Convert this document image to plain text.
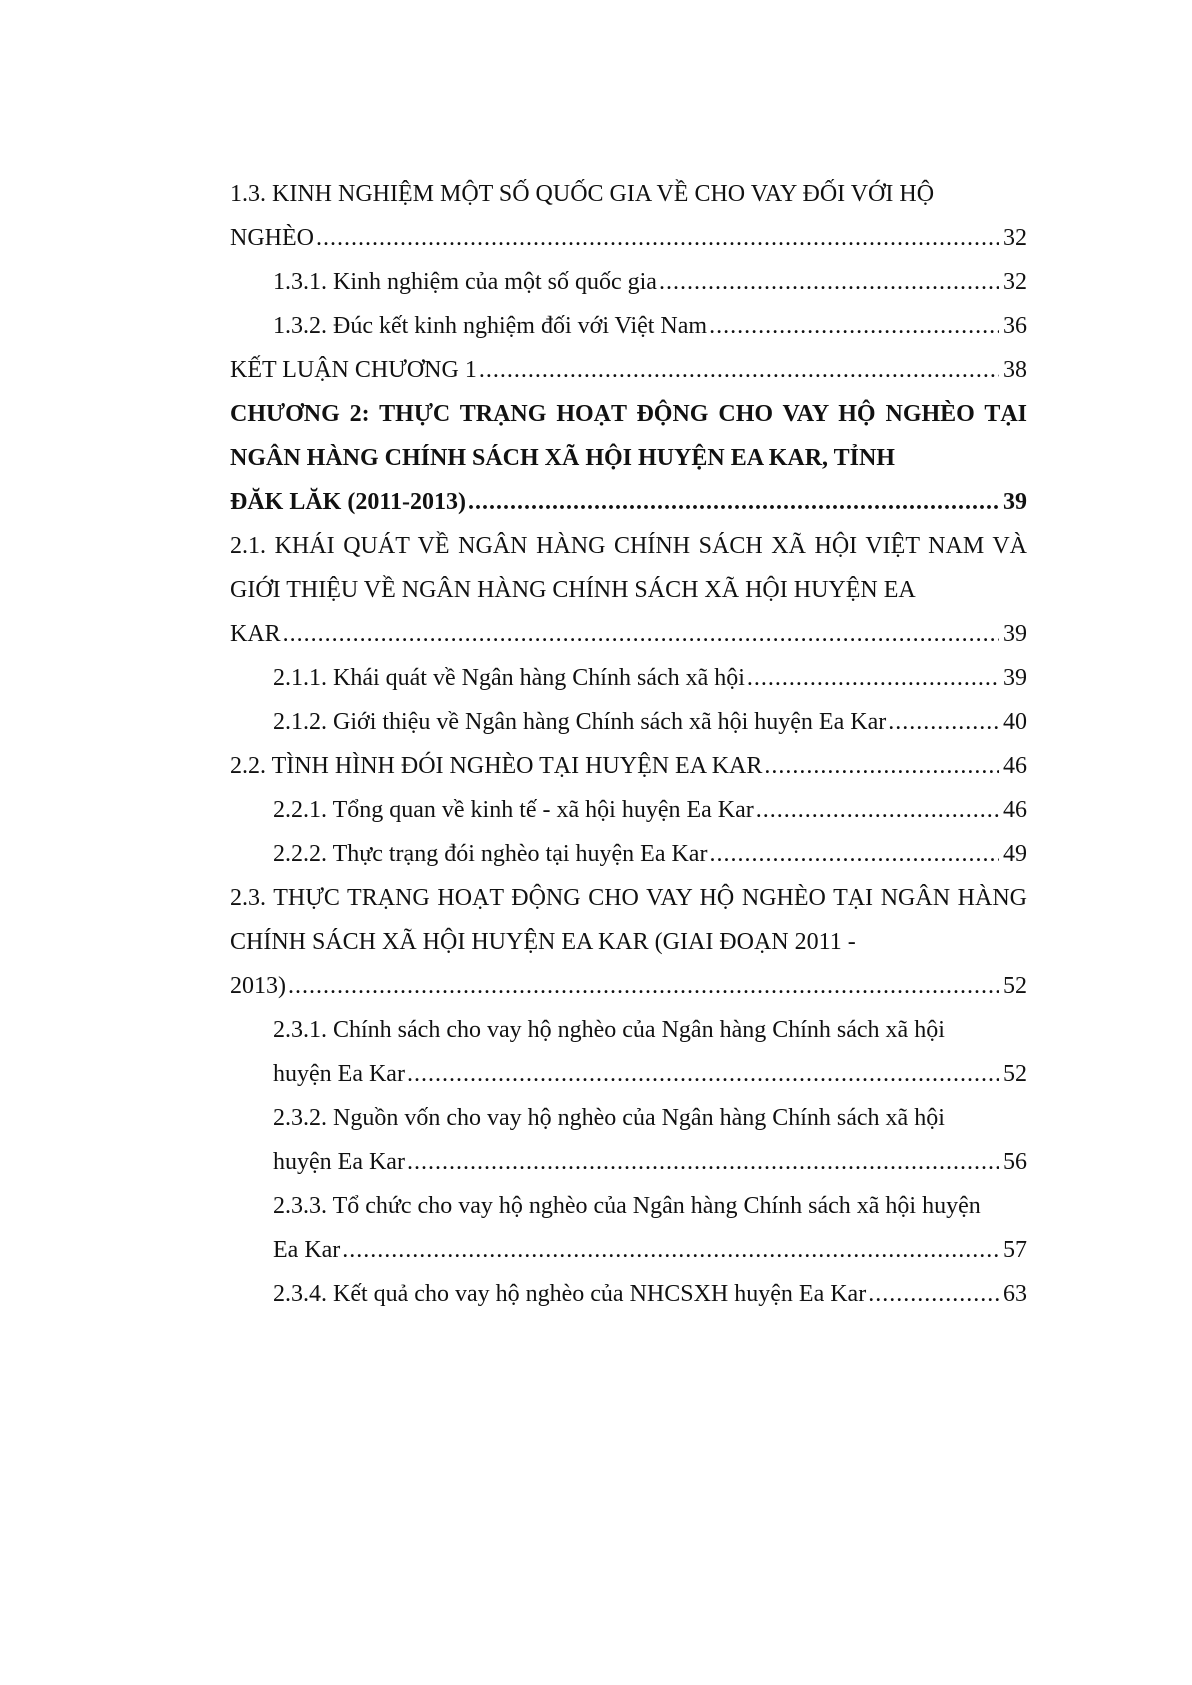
1.3. KINH NGHIỆM MỘT SỐ QUỐC GIA VỀ CHO VAY ĐỐI VỚI HỘ
NGHÈO .....	32
1.3.1. Kinh nghiệm của một số quốc gia .....	32
1.3.2. Đúc kết kinh nghiệm đối với Việt Nam .....	36
KẾT LUẬN CHƯƠNG 1 .....	38
CHƯƠNG 2: THỰC TRẠNG HOẠT ĐỘNG CHO VAY HỘ NGHÈO TẠI NGÂN HÀNG CHÍNH SÁCH XÃ HỘI HUYỆN EA KAR, TỈNH
ĐĂK LĂK (2011-2013) .....	39
2.1. KHÁI QUÁT VỀ NGÂN HÀNG CHÍNH SÁCH XÃ HỘI VIỆT NAM VÀ GIỚI THIỆU VỀ NGÂN HÀNG CHÍNH SÁCH XÃ HỘI HUYỆN EA
KAR .....	39
2.1.1. Khái quát về Ngân hàng Chính sách xã hội .....	39
2.1.2. Giới thiệu về Ngân hàng Chính sách xã hội huyện Ea Kar .....	40
2.2. TÌNH HÌNH ĐÓI NGHÈO TẠI HUYỆN EA KAR .....	46
2.2.1. Tổng quan về kinh tế - xã hội huyện Ea Kar .....	46
2.2.2. Thực trạng đói nghèo tại huyện Ea Kar .....	49
2.3. THỰC TRẠNG HOẠT ĐỘNG CHO VAY HỘ NGHÈO TẠI NGÂN HÀNG CHÍNH SÁCH XÃ HỘI HUYỆN EA KAR (GIAI ĐOẠN 2011 -
2013) .....	52
2.3.1. Chính sách cho vay hộ nghèo của Ngân hàng Chính sách xã hội
huyện Ea Kar .....	52
2.3.2. Nguồn vốn cho vay hộ nghèo của Ngân hàng Chính sách xã hội
huyện Ea Kar .....	56
2.3.3. Tổ chức cho vay hộ nghèo của Ngân hàng Chính sách xã hội huyện
Ea Kar .....	57
2.3.4. Kết quả cho vay hộ nghèo của NHCSXH huyện Ea Kar .....	63
